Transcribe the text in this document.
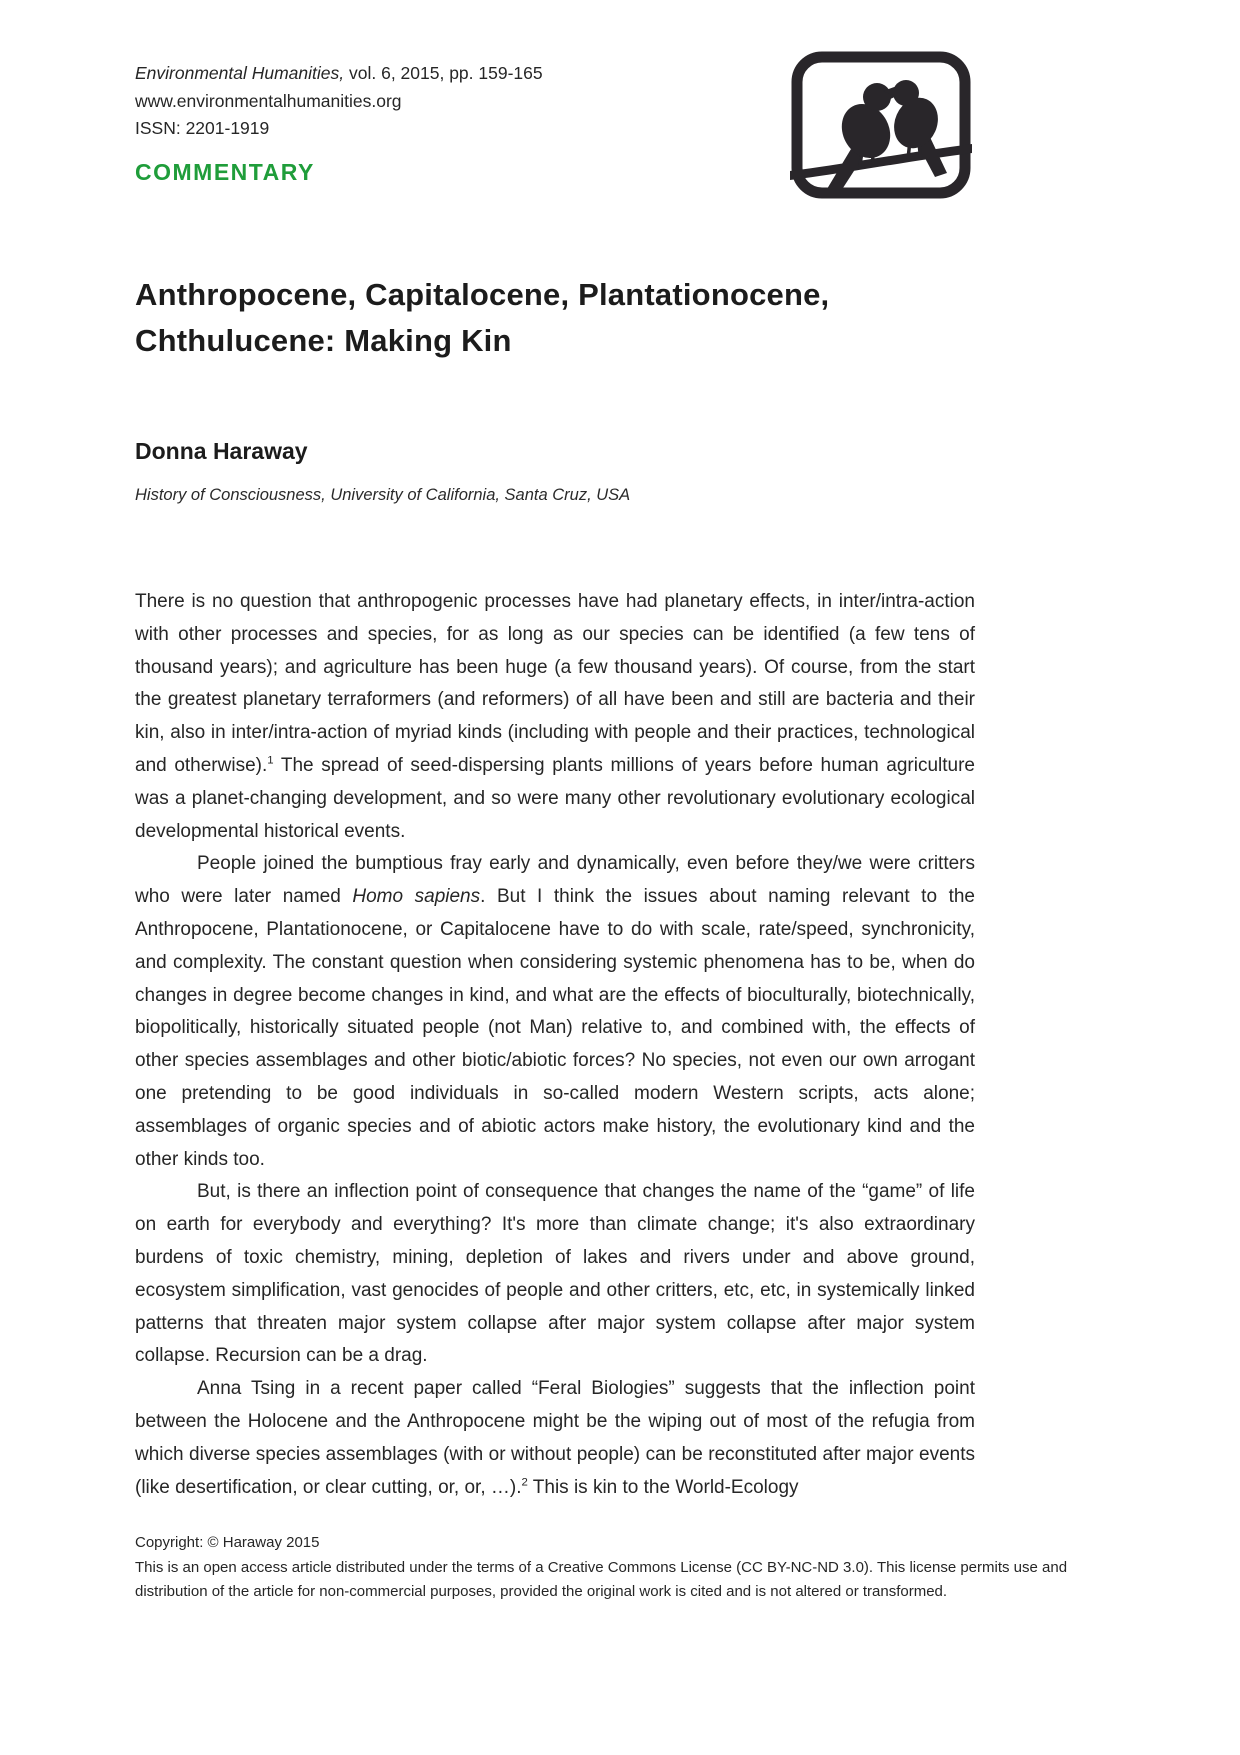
Environmental Humanities, vol. 6, 2015, pp. 159-165
www.environmentalhumanities.org
ISSN: 2201-1919
COMMENTARY
Anthropocene, Capitalocene, Plantationocene,
Chthulucene: Making Kin
Donna Haraway
History of Consciousness, University of California, Santa Cruz, USA

There is no question that anthropogenic processes have had planetary effects, in inter/intra-action with other processes and species, for as long as our species can be identified (a few tens of thousand years); and agriculture has been huge (a few thousand years). Of course, from the start the greatest planetary terraformers (and reformers) of all have been and still are bacteria and their kin, also in inter/intra-action of myriad kinds (including with people and their practices, technological and otherwise).$^1$ The spread of seed-dispersing plants millions of years before human agriculture was a planet-changing development, and so were many other revolutionary evolutionary ecological developmental historical events.

People joined the bumptious fray early and dynamically, even before they/we were critters who were later named Homo sapiens. But I think the issues about naming relevant to the Anthropocene, Plantationocene, or Capitalocene have to do with scale, rate/speed, synchronicity, and complexity. The constant question when considering systemic phenomena has to be, when do changes in degree become changes in kind, and what are the effects of bioculturally, biotechnically, biopolitically, historically situated people (not Man) relative to, and combined with, the effects of other species assemblages and other biotic/abiotic forces? No species, not even our own arrogant one pretending to be good individuals in so-called modern Western scripts, acts alone; assemblages of organic species and of abiotic actors make history, the evolutionary kind and the other kinds too.

But, is there an inflection point of consequence that changes the name of the “game” of life on earth for everybody and everything? It's more than climate change; it's also extraordinary burdens of toxic chemistry, mining, depletion of lakes and rivers under and above ground, ecosystem simplification, vast genocides of people and other critters, etc, etc, in systemically linked patterns that threaten major system collapse after major system collapse after major system collapse. Recursion can be a drag.

Anna Tsing in a recent paper called “Feral Biologies” suggests that the inflection point between the Holocene and the Anthropocene might be the wiping out of most of the refugia from which diverse species assemblages (with or without people) can be reconstituted after major events (like desertification, or clear cutting, or, or, …).$^2$ This is kin to the World-Ecology

Copyright: © Haraway 2015
This is an open access article distributed under the terms of a Creative Commons License (CC BY-NC-ND 3.0). This license permits use and distribution of the article for non-commercial purposes, provided the original work is cited and is not altered or transformed.
